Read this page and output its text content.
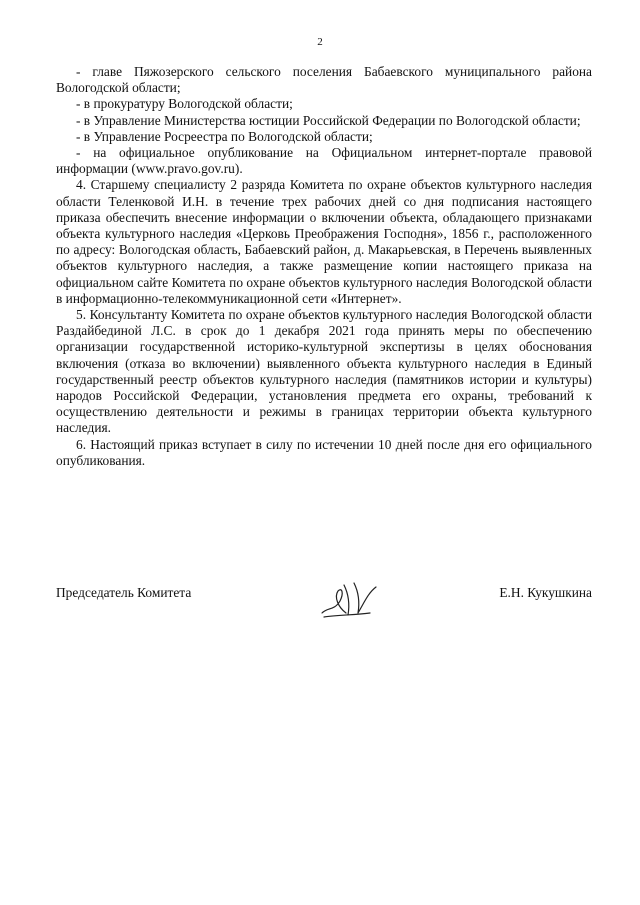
2

- главе Пяжозерского сельского поселения Бабаевского муниципального района Вологодской области;

- в прокуратуру Вологодской области;

- в Управление Министерства юстиции Российской Федерации по Вологодской области;

- в Управление Росреестра по Вологодской области;

- на официальное опубликование на Официальном интернет-портале правовой информации (www.pravo.gov.ru).

4. Старшему специалисту 2 разряда Комитета по охране объектов культурного наследия области Теленковой И.Н. в течение трех рабочих дней со дня подписания настоящего приказа обеспечить внесение информации о включении объекта, обладающего признаками объекта культурного наследия «Церковь Преображения Господня», 1856 г., расположенного по адресу: Вологодская область, Бабаевский район, д. Макарьевская, в Перечень выявленных объектов культурного наследия, а также размещение копии настоящего приказа на официальном сайте Комитета по охране объектов культурного наследия Вологодской области в информационно-телекоммуникационной сети «Интернет».

5. Консультанту Комитета по охране объектов культурного наследия Вологодской области Раздайбединой Л.С. в срок до 1 декабря 2021 года принять меры по обеспечению организации государственной историко-культурной экспертизы в целях обоснования включения (отказа во включении) выявленного объекта культурного наследия в Единый государственный реестр объектов культурного наследия (памятников истории и культуры) народов Российской Федерации, установления предмета его охраны, требований к осуществлению деятельности и режимы в границах территории объекта культурного наследия.

6. Настоящий приказ вступает в силу по истечении 10 дней после дня его официального опубликования.

Председатель Комитета	Е.Н. Кукушкина
